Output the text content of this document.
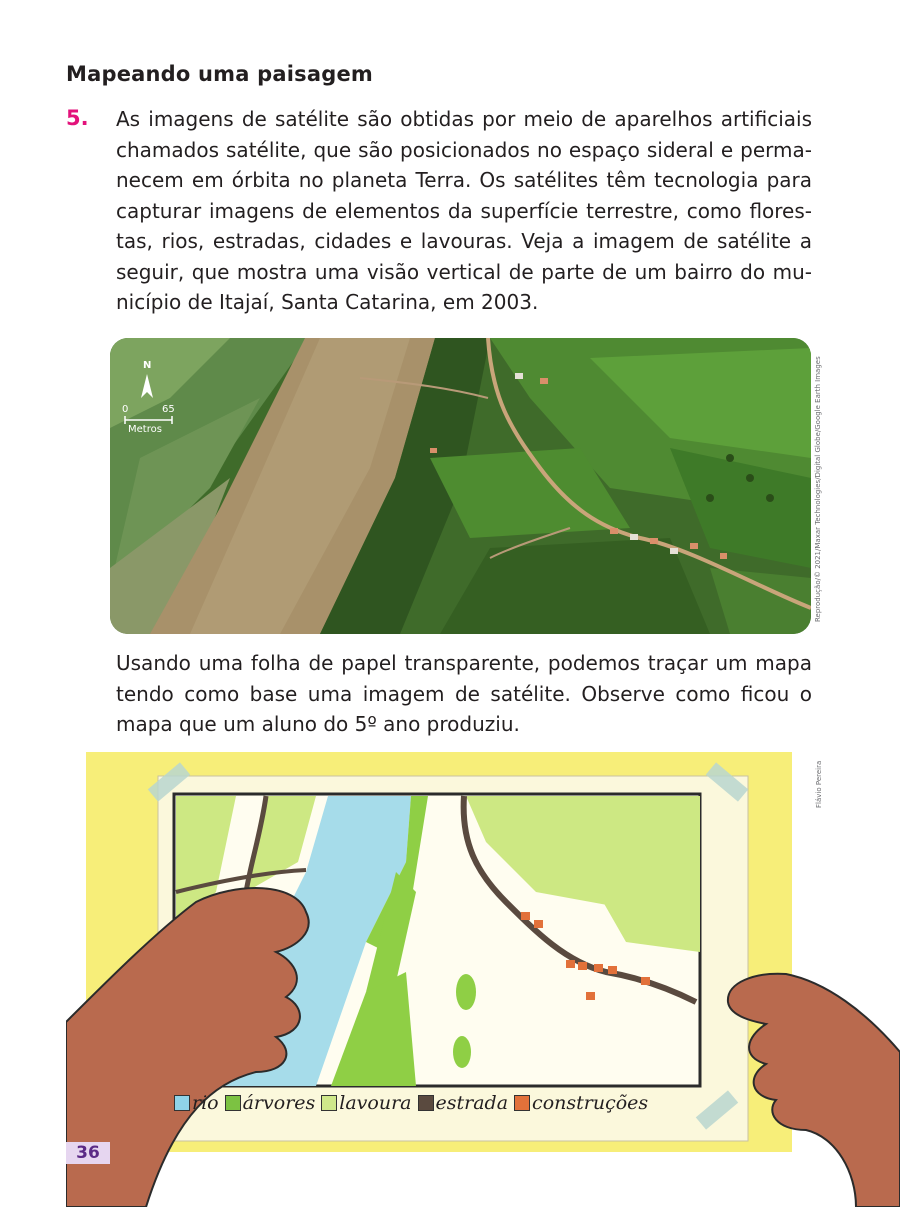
Mapeando uma paisagem
5. As imagens de satélite são obtidas por meio de aparelhos artificiais
chamados satélite, que são posicionados no espaço sideral e perma-
necem em órbita no planeta Terra. Os satélites têm tecnologia para
capturar imagens de elementos da superfície terrestre, como flores-
tas, rios, estradas, cidades e lavouras. Veja a imagem de satélite a
seguir, que mostra uma visão vertical de parte de um bairro do mu-
nicípio de Itajaí, Santa Catarina, em 2003.

N
0	65
Metros	Reprodução/© 2021/Maxar Technologies/Digital Globe/Google Earth Images

Usando uma folha de papel transparente, podemos traçar um mapa
tendo como base uma imagem de satélite. Observe como ficou o
mapa que um aluno do 5º ano produziu.

Flávio Pereira
rio árvores lavoura estrada construções
36
